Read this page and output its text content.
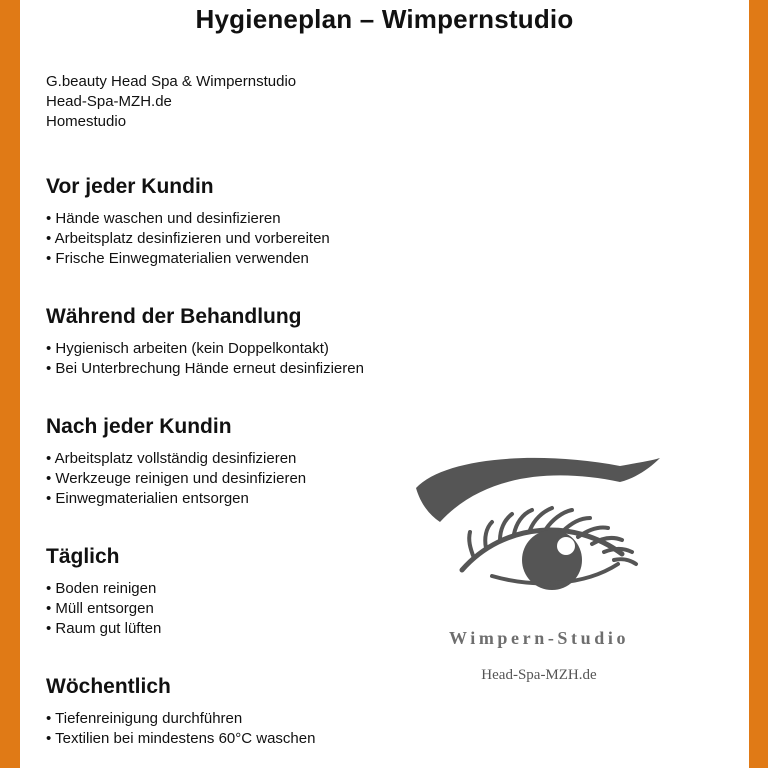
Hygieneplan – Wimpernstudio
G.beauty Head Spa & Wimpernstudio
Head-Spa-MZH.de
Homestudio
Vor jeder Kundin
• Hände waschen und desinfizieren
• Arbeitsplatz desinfizieren und vorbereiten
• Frische Einwegmaterialien verwenden
Während der Behandlung
• Hygienisch arbeiten (kein Doppelkontakt)
• Bei Unterbrechung Hände erneut desinfizieren
Nach jeder Kundin
• Arbeitsplatz vollständig desinfizieren
• Werkzeuge reinigen und desinfizieren
• Einwegmaterialien entsorgen
Täglich
• Boden reinigen
• Müll entsorgen
• Raum gut lüften
Wöchentlich
• Tiefenreinigung durchführen
• Textilien bei mindestens 60°C waschen
Wimpern-Studio
Head-Spa-MZH.de
